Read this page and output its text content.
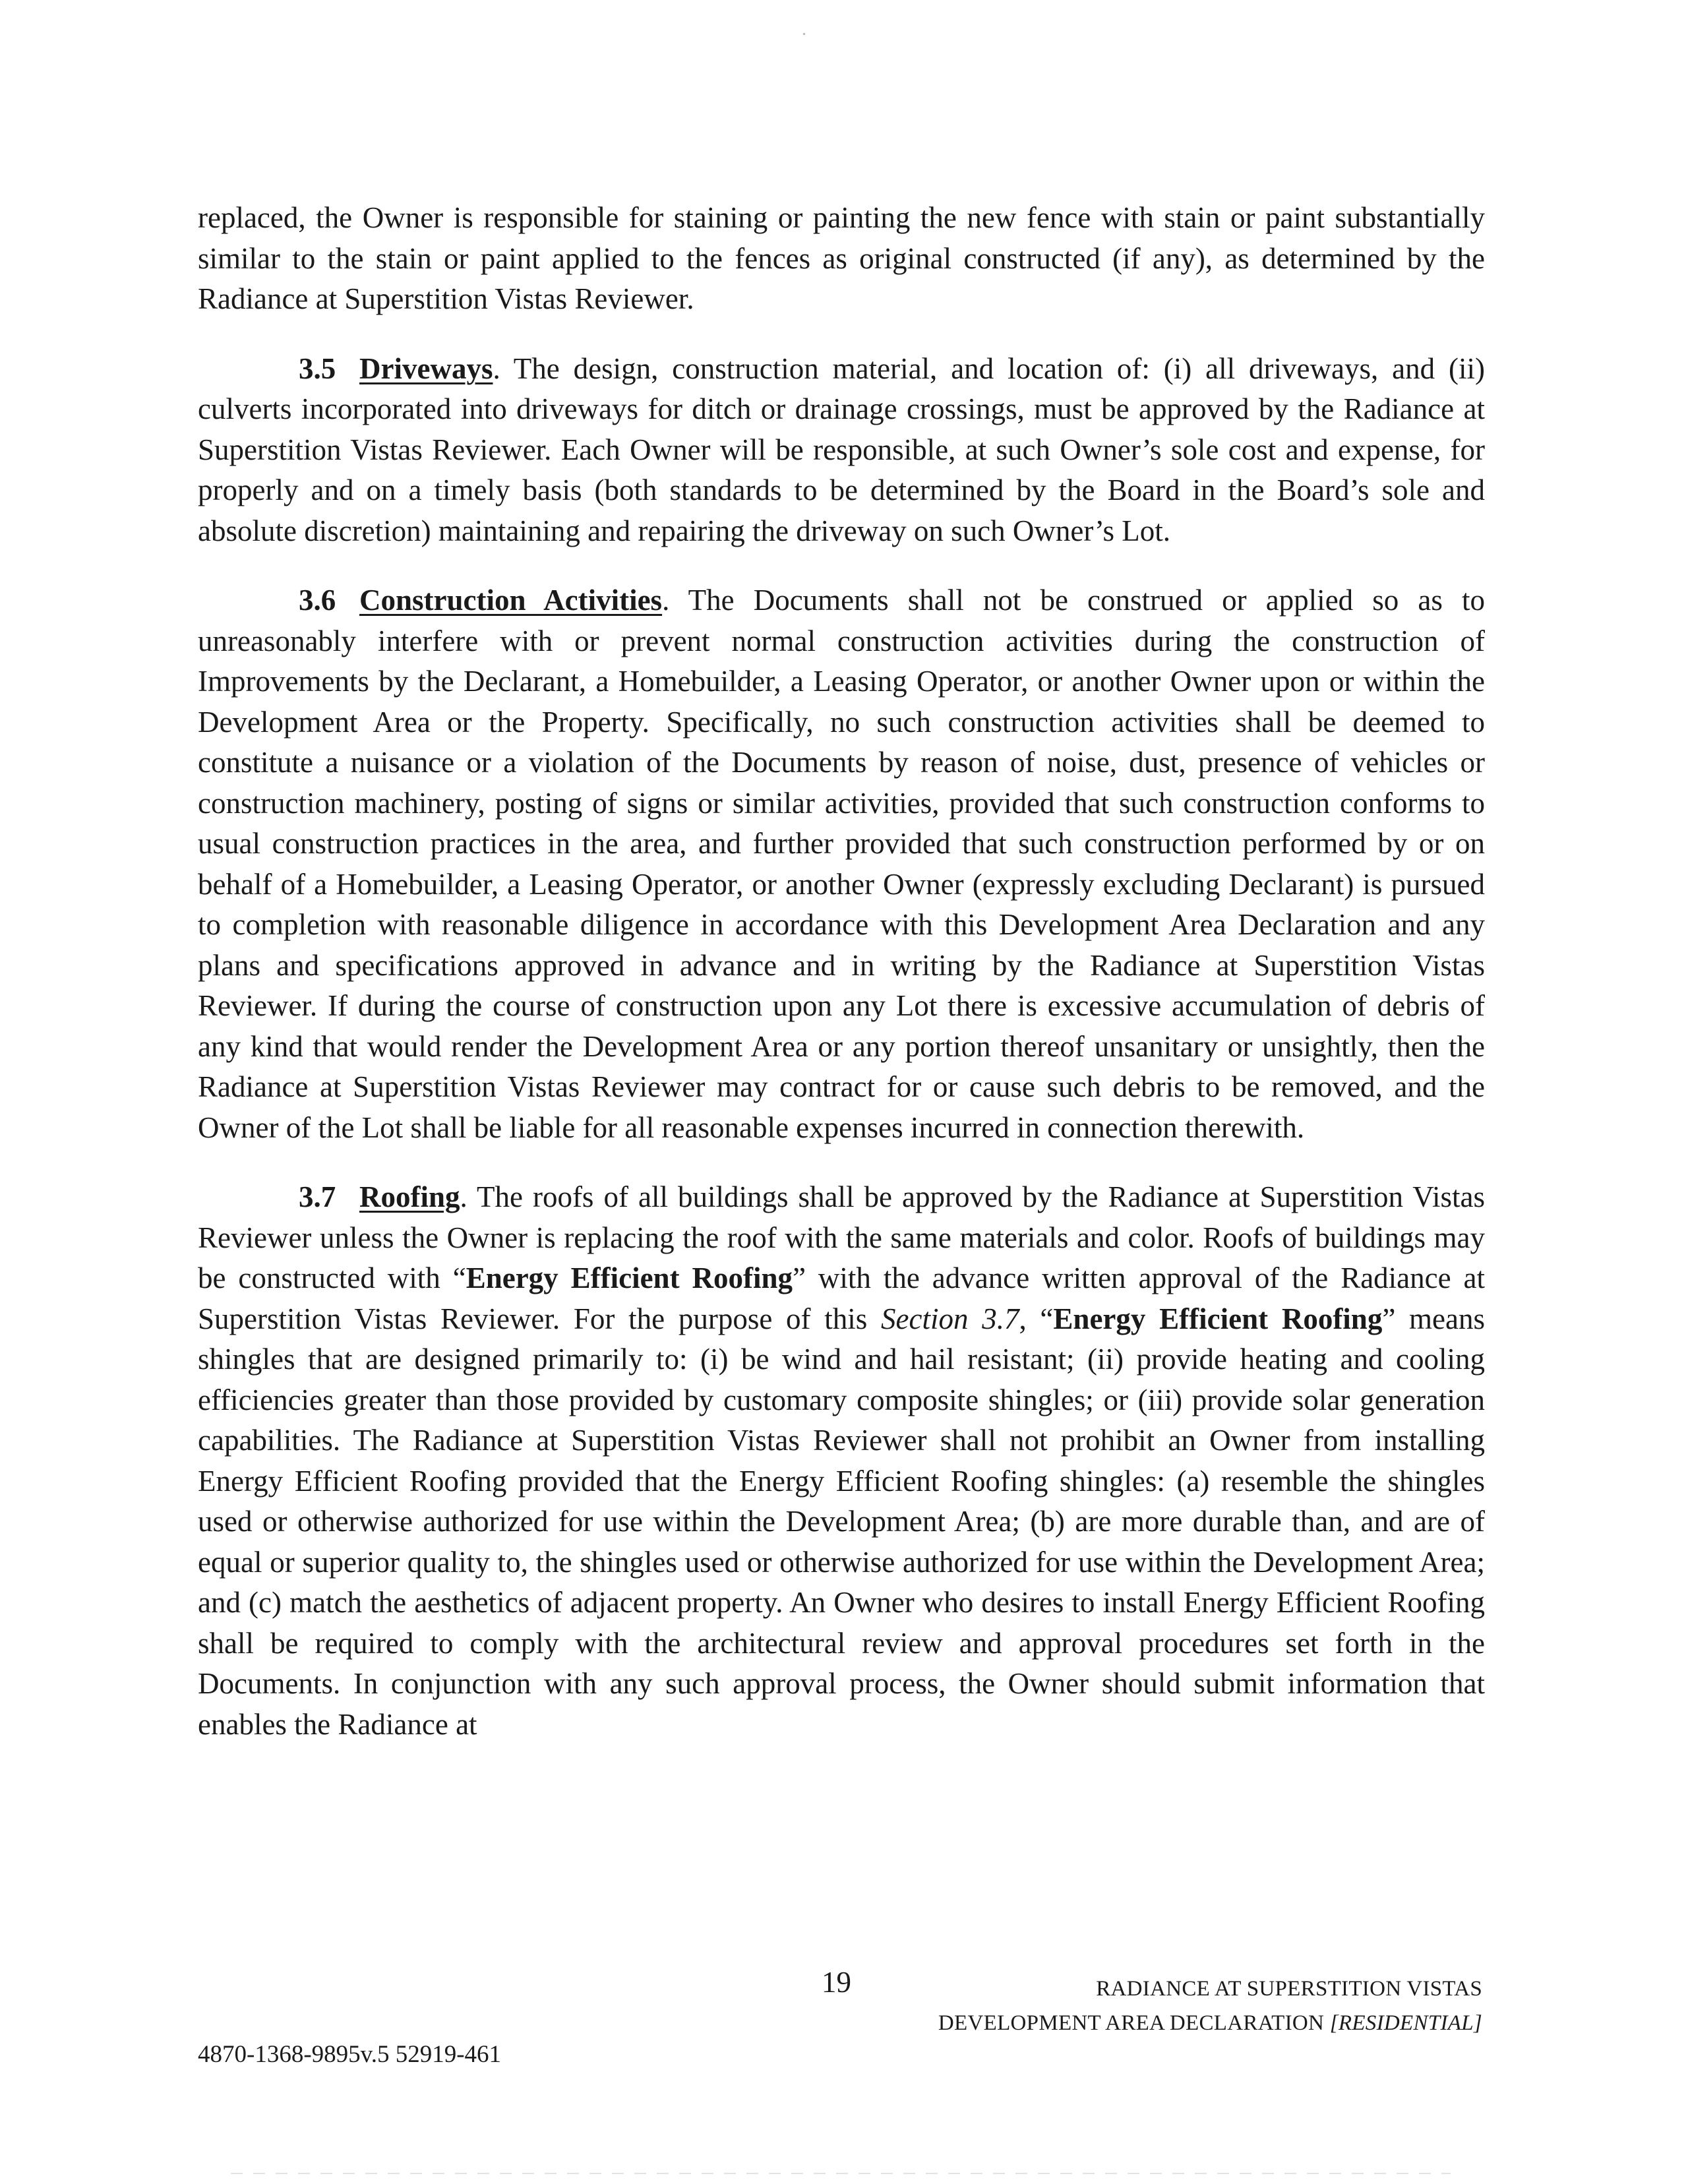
replaced, the Owner is responsible for staining or painting the new fence with stain or paint substantially similar to the stain or paint applied to the fences as original constructed (if any), as determined by the Radiance at Superstition Vistas Reviewer.

3.5 Driveways. The design, construction material, and location of: (i) all driveways, and (ii) culverts incorporated into driveways for ditch or drainage crossings, must be approved by the Radiance at Superstition Vistas Reviewer. Each Owner will be responsible, at such Owner’s sole cost and expense, for properly and on a timely basis (both standards to be determined by the Board in the Board’s sole and absolute discretion) maintaining and repairing the driveway on such Owner’s Lot.

3.6 Construction Activities. The Documents shall not be construed or applied so as to unreasonably interfere with or prevent normal construction activities during the construction of Improvements by the Declarant, a Homebuilder, a Leasing Operator, or another Owner upon or within the Development Area or the Property. Specifically, no such construction activities shall be deemed to constitute a nuisance or a violation of the Documents by reason of noise, dust, presence of vehicles or construction machinery, posting of signs or similar activities, provided that such construction conforms to usual construction practices in the area, and further provided that such construction performed by or on behalf of a Homebuilder, a Leasing Operator, or another Owner (expressly excluding Declarant) is pursued to completion with reasonable diligence in accordance with this Development Area Declaration and any plans and specifications approved in advance and in writing by the Radiance at Superstition Vistas Reviewer. If during the course of construction upon any Lot there is excessive accumulation of debris of any kind that would render the Development Area or any portion thereof unsanitary or unsightly, then the Radiance at Superstition Vistas Reviewer may contract for or cause such debris to be removed, and the Owner of the Lot shall be liable for all reasonable expenses incurred in connection therewith.

3.7 Roofing. The roofs of all buildings shall be approved by the Radiance at Superstition Vistas Reviewer unless the Owner is replacing the roof with the same materials and color. Roofs of buildings may be constructed with “Energy Efficient Roofing” with the advance written approval of the Radiance at Superstition Vistas Reviewer. For the purpose of this Section 3.7, “Energy Efficient Roofing” means shingles that are designed primarily to: (i) be wind and hail resistant; (ii) provide heating and cooling efficiencies greater than those provided by customary composite shingles; or (iii) provide solar generation capabilities. The Radiance at Superstition Vistas Reviewer shall not prohibit an Owner from installing Energy Efficient Roofing provided that the Energy Efficient Roofing shingles: (a) resemble the shingles used or otherwise authorized for use within the Development Area; (b) are more durable than, and are of equal or superior quality to, the shingles used or otherwise authorized for use within the Development Area; and (c) match the aesthetics of adjacent property. An Owner who desires to install Energy Efficient Roofing shall be required to comply with the architectural review and approval procedures set forth in the Documents. In conjunction with any such approval process, the Owner should submit information that enables the Radiance at

19	RADIANCE AT SUPERSTITION VISTAS
DEVELOPMENT AREA DECLARATION [RESIDENTIAL]
4870-1368-9895v.5 52919-461
